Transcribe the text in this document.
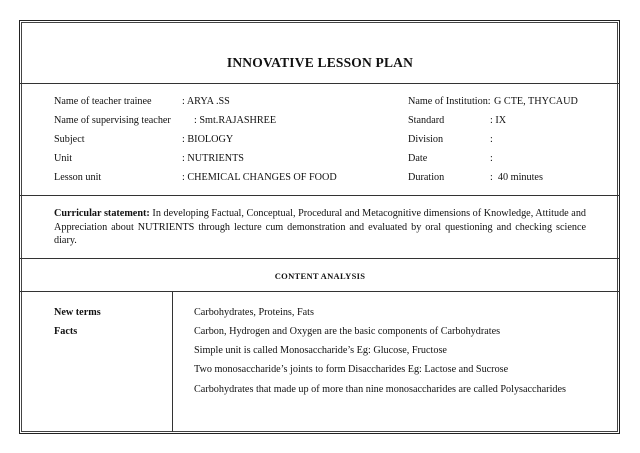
INNOVATIVE LESSON PLAN
Name of teacher trainee	: ARYA .SS
Name of supervising teacher : Smt.RAJASHREE
Subject	: BIOLOGY
Unit	: NUTRIENTS
Lesson unit	: CHEMICAL CHANGES OF FOOD
Name of Institution: G CTE, THYCAUD
Standard	: IX
Division	:
Date	:
Duration	:  40 minutes
Curricular statement: In developing Factual, Conceptual, Procedural and Metacognitive dimensions of Knowledge, Attitude and Appreciation about NUTRIENTS through lecture cum demonstration and evaluated by oral questioning and checking science diary.
CONTENT ANALYSIS
New terms	Carbohydrates, Proteins, Fats
Facts	Carbon, Hydrogen and Oxygen are the basic components of Carbohydrates
Simple unit is called Monosaccharide’s Eg: Glucose, Fructose
Two monosaccharide’s joints to form Disaccharides Eg: Lactose and Sucrose
Carbohydrates that made up of more than nine monosaccharides are called Polysaccharides
